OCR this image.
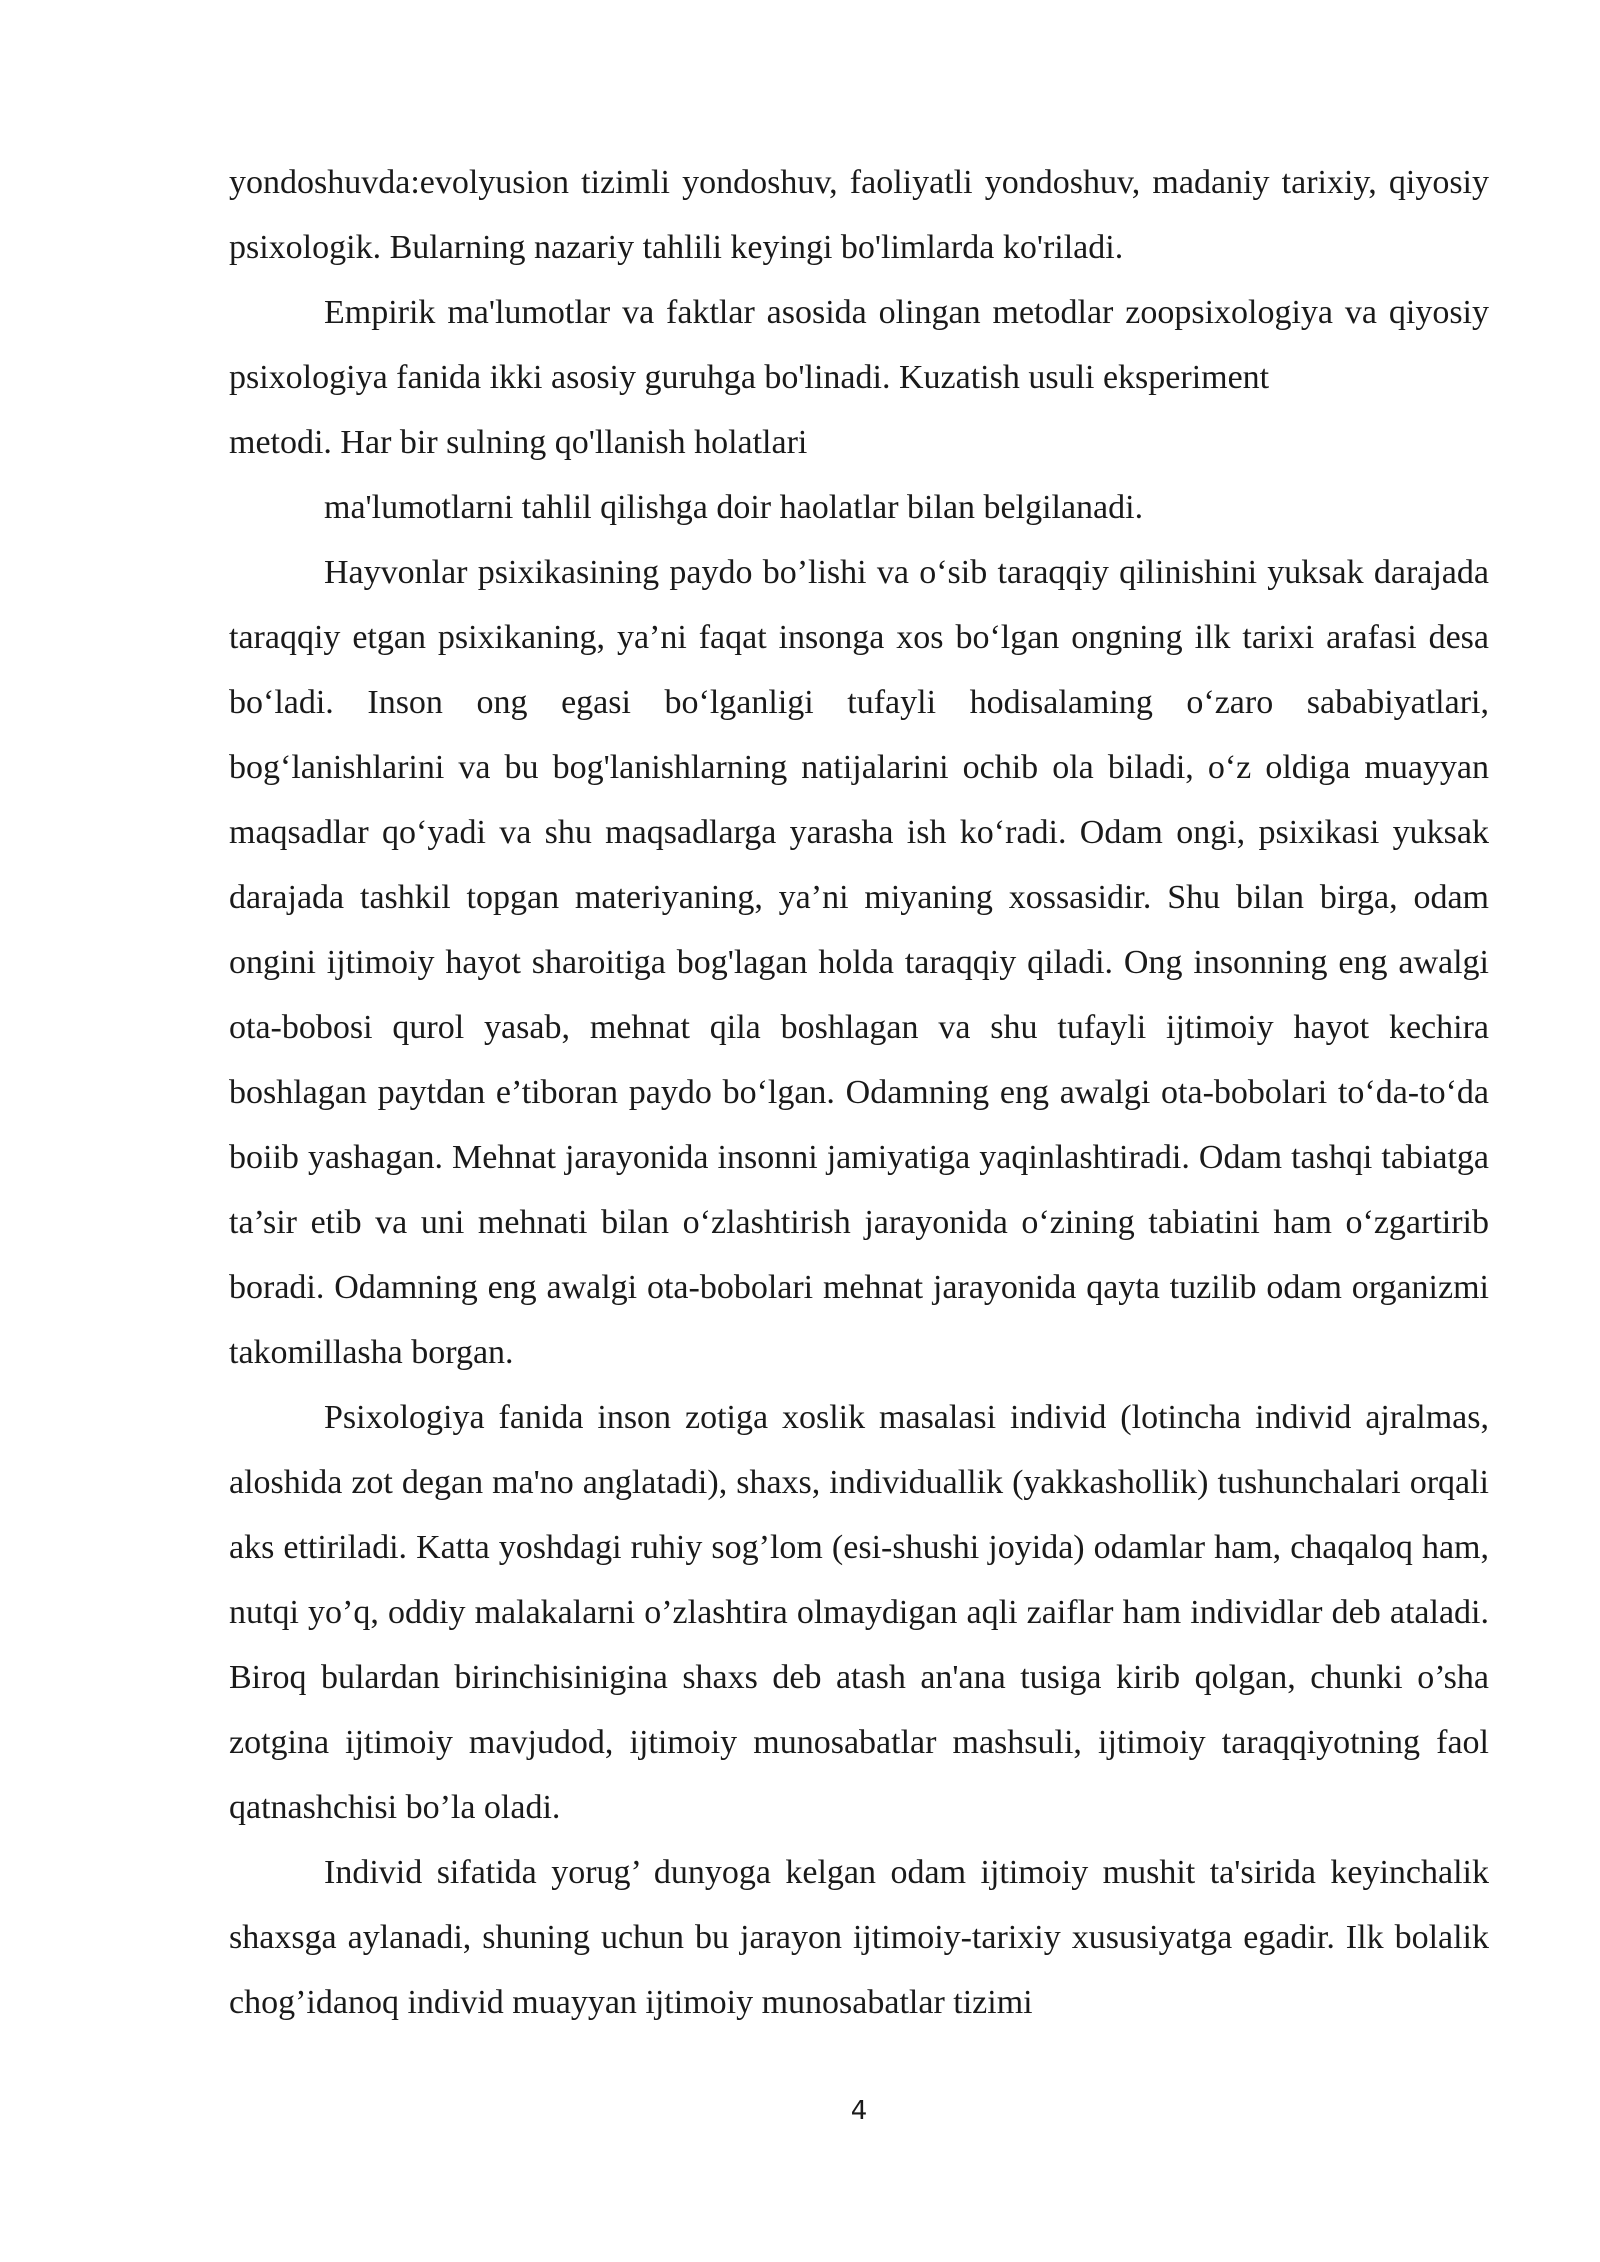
yondoshuvda:evolyusion tizimli yondoshuv, faoliyatli yondoshuv, madaniy tarixiy, qiyosiy psixologik. Bularning nazariy tahlili keyingi bo'limlarda ko'riladi.

Empirik ma'lumotlar va faktlar asosida olingan metodlar zoopsixologiya va qiyosiy psixologiya fanida ikki asosiy guruhga bo'linadi. Kuzatish usuli eksperiment

metodi. Har bir sulning qo'llanish holatlari

ma'lumotlarni tahlil qilishga doir haolatlar bilan belgilanadi.

Hayvonlar psixikasining paydo bo’lishi va o‘sib taraqqiy qilinishini yuksak darajada taraqqiy etgan psixikaning, ya’ni faqat insonga xos bo‘lgan ongning ilk tarixi arafasi desa bo‘ladi. Inson ong egasi bo‘lganligi tufayli hodisalaming o‘zaro sababiyatlari, bog‘lanishlarini va bu bog'lanishlarning natijalarini ochib ola biladi, o‘z oldiga muayyan maqsadlar qo‘yadi va shu maqsadlarga yarasha ish ko‘radi. Odam ongi, psixikasi yuksak darajada tashkil topgan materiyaning, ya’ni miyaning xossasidir. Shu bilan birga, odam ongini ijtimoiy hayot sharoitiga bog'lagan holda taraqqiy qiladi. Ong insonning eng awalgi ota-bobosi qurol yasab, mehnat qila boshlagan va shu tufayli ijtimoiy hayot kechira boshlagan paytdan e’tiboran paydo bo‘lgan. Odamning eng awalgi ota-bobolari to‘da-to‘da boiib yashagan. Mehnat jarayonida insonni jamiyatiga yaqinlashtiradi. Odam tashqi tabiatga ta’sir etib va uni mehnati bilan o‘zlashtirish jarayonida o‘zining tabiatini ham o‘zgartirib boradi. Odamning eng awalgi ota-bobolari mehnat jarayonida qayta tuzilib odam organizmi takomillasha borgan.

Psixologiya fanida inson zotiga xoslik masalasi individ (lotincha individ ajralmas, aloshida zot degan ma'no anglatadi), shaxs, individuallik (yakkashollik) tushunchalari orqali aks ettiriladi. Katta yoshdagi ruhiy sog’lom (esi-shushi joyida) odamlar ham, chaqaloq ham, nutqi yo’q, oddiy malakalarni o’zlashtira olmaydigan aqli zaiflar ham individlar deb ataladi. Biroq bulardan birinchisinigina shaxs deb atash an'ana tusiga kirib qolgan, chunki o’sha zotgina ijtimoiy mavjudod, ijtimoiy munosabatlar mashsuli, ijtimoiy taraqqiyotning faol qatnashchisi bo’la oladi.

Individ sifatida yorug’ dunyoga kelgan odam ijtimoiy mushit ta'sirida keyinchalik shaxsga aylanadi, shuning uchun bu jarayon ijtimoiy-tarixiy xususiyatga egadir. Ilk bolalik chog’idanoq individ muayyan ijtimoiy munosabatlar tizimi

4
